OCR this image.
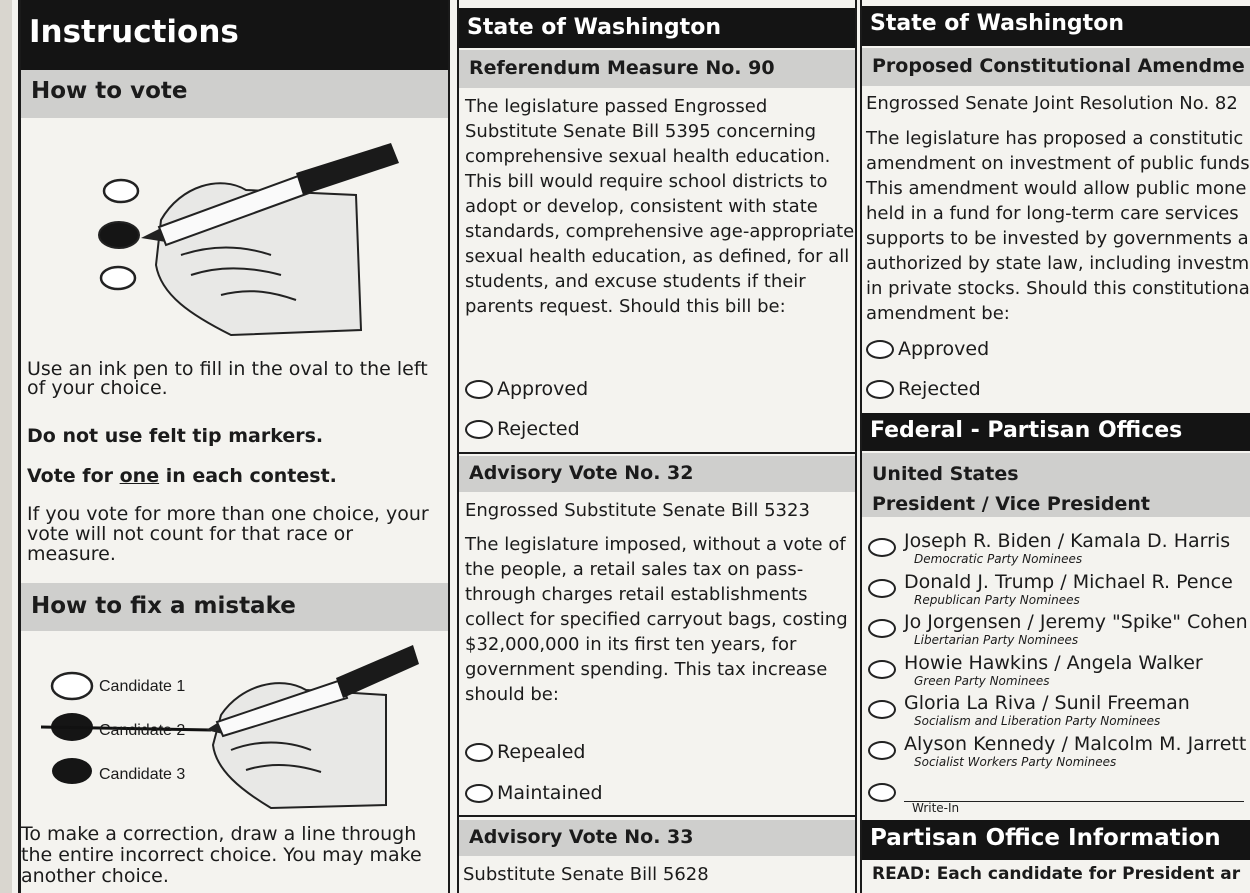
Instructions
How to vote
Use an ink pen to fill in the oval to the left of your choice.
Do not use felt tip markers.
Vote for one in each contest.
If you vote for more than one choice, your vote will not count for that race or measure.
How to fix a mistake
Candidate 1
Candidate 2
Candidate 3
To make a correction, draw a line through the entire incorrect choice. You may make another choice.
State of Washington
Referendum Measure No. 90
The legislature passed Engrossed Substitute Senate Bill 5395 concerning comprehensive sexual health education. This bill would require school districts to adopt or develop, consistent with state standards, comprehensive age-appropriate sexual health education, as defined, for all students, and excuse students if their parents request. Should this bill be:
Approved
Rejected
Advisory Vote No. 32
Engrossed Substitute Senate Bill 5323
The legislature imposed, without a vote of the people, a retail sales tax on pass-through charges retail establishments collect for specified carryout bags, costing $32,000,000 in its first ten years, for government spending. This tax increase should be:
Repealed
Maintained
Advisory Vote No. 33
Substitute Senate Bill 5628
State of Washington
Proposed Constitutional Amendme
Engrossed Senate Joint Resolution No. 82
The legislature has proposed a constitutic amendment on investment of public funds This amendment would allow public mone held in a fund for long-term care services supports to be invested by governments a authorized by state law, including investm in private stocks. Should this constitutiona amendment be:
Approved
Rejected
Federal - Partisan Offices
United States
President / Vice President
Joseph R. Biden / Kamala D. Harris
Democratic Party Nominees
Donald J. Trump / Michael R. Pence
Republican Party Nominees
Jo Jorgensen / Jeremy "Spike" Cohen
Libertarian Party Nominees
Howie Hawkins / Angela Walker
Green Party Nominees
Gloria La Riva / Sunil Freeman
Socialism and Liberation Party Nominees
Alyson Kennedy / Malcolm M. Jarrett
Socialist Workers Party Nominees
Write-In
Partisan Office Information
READ: Each candidate for President ar
